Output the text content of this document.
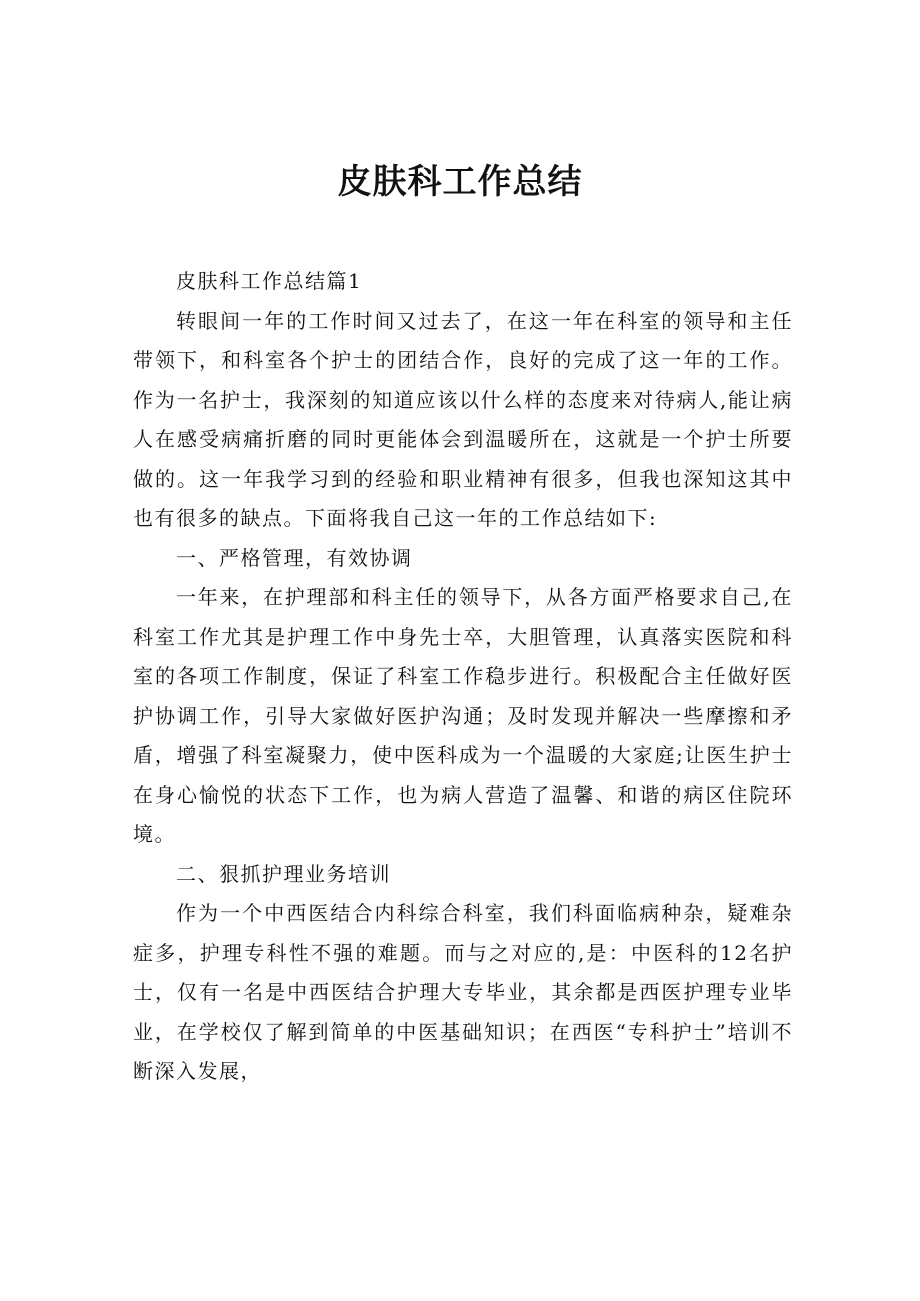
皮肤科工作总结

皮肤科工作总结篇1

转眼间一年的工作时间又过去了，在这一年在科室的领导和主任带领下，和科室各个护士的团结合作，良好的完成了这一年的工作。作为一名护士，我深刻的知道应该以什么样的态度来对待病人,能让病人在感受病痛折磨的同时更能体会到温暖所在，这就是一个护士所要做的。这一年我学习到的经验和职业精神有很多，但我也深知这其中也有很多的缺点。下面将我自己这一年的工作总结如下:

一、严格管理，有效协调

一年来，在护理部和科主任的领导下，从各方面严格要求自己,在科室工作尤其是护理工作中身先士卒，大胆管理，认真落实医院和科室的各项工作制度，保证了科室工作稳步进行。积极配合主任做好医护协调工作，引导大家做好医护沟通；及时发现并解决一些摩擦和矛盾，增强了科室凝聚力，使中医科成为一个温暖的大家庭;让医生护士在身心愉悦的状态下工作，也为病人营造了温馨、和谐的病区住院环境。

二、狠抓护理业务培训

作为一个中西医结合内科综合科室，我们科面临病种杂，疑难杂症多，护理专科性不强的难题。而与之对应的,是：中医科的12名护士，仅有一名是中西医结合护理大专毕业，其余都是西医护理专业毕业，在学校仅了解到简单的中医基础知识；在西医“专科护士”培训不断深入发展，
